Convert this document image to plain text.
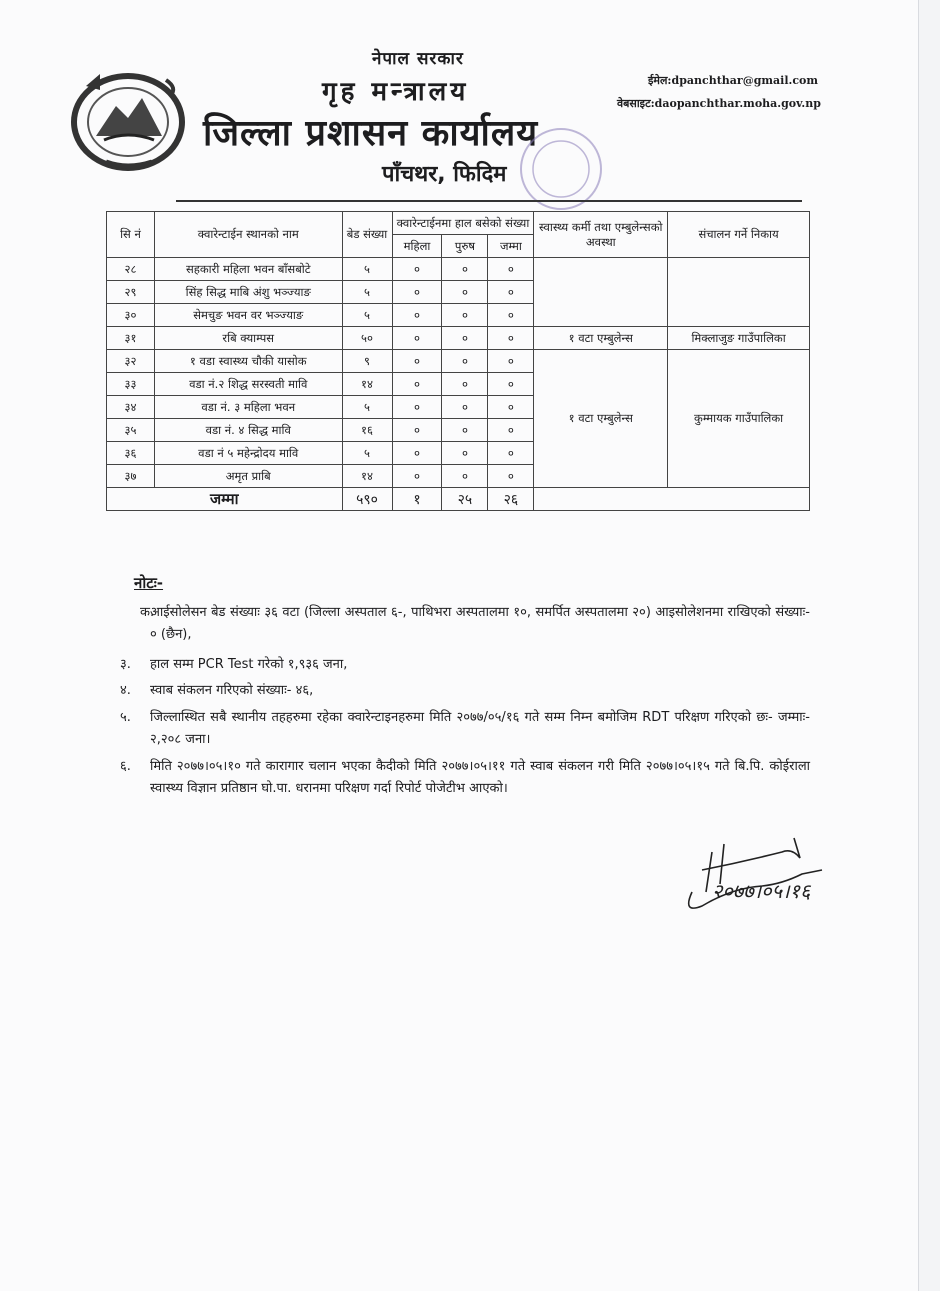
नेपाल सरकार
गृह मन्त्रालय
जिल्ला प्रशासन कार्यालय
पाँचथर, फिदिम
ईमेल:dpanchthar@gmail.com
वेबसाइट:daopanchthar.moha.gov.np
सि नं	क्वारेन्टाईन स्थानको नाम	बेड संख्या	क्वारेन्टाईनमा हाल बसेको संख्या			स्वास्थ्य कर्मी तथा एम्बुलेन्सको अवस्था	संचालन गर्ने निकाय
			महिला	पुरुष	जम्मा		
२८	सहकारी महिला भवन बाँसबोटे	५	०	०	०		
२९	सिंह सिद्ध माबि अंशु भञ्ज्याङ	५	०	०	०		
३०	सेमचुङ भवन वर भञ्ज्याङ	५	०	०	०		
३१	रबि क्याम्पस	५०	०	०	०	१ वटा एम्बुलेन्स	मिक्लाजुङ गाउँपालिका
३२	१ वडा स्वास्थ्य चौकी यासोक	९	०	०	०	१ वटा एम्बुलेन्स	कुम्मायक गाउँपालिका
३३	वडा नं.२ शिद्ध सरस्वती मावि	१४	०	०	०		
३४	वडा नं. ३ महिला भवन	५	०	०	०		
३५	वडा नं. ४ सिद्ध मावि	१६	०	०	०		
३६	वडा नं ५ महेन्द्रोदय मावि	५	०	०	०		
३७	अमृत प्राबि	१४	०	०	०		
जम्मा		५९०	१	२५	२६		
नोटः-
क.
आईसोलेसन बेड संख्याः ३६ वटा (जिल्ला अस्पताल ६-, पाथिभरा अस्पतालमा १०, समर्पित अस्पतालमा २०) आइसोलेशनमा राखिएको संख्याः- ० (छैन),
३. हाल सम्म PCR Test गरेको १,९३६ जना,
४. स्वाब संकलन गरिएको संख्याः- ४६,
५. जिल्लास्थित सबै स्थानीय तहहरुमा रहेका क्वारेन्टाइनहरुमा मिति २०७७/०५/१६ गते सम्म निम्न बमोजिम RDT परिक्षण गरिएको छः- जम्माः- २,२०८ जना।
६. मिति २०७७।०५।१० गते कारागार चलान भएका कैदीको मिति २०७७।०५।११ गते स्वाब संकलन गरी मिति २०७७।०५।१५ गते बि.पि. कोईराला स्वास्थ्य विज्ञान प्रतिष्ठान घो.पा. धरानमा परिक्षण गर्दा रिपोर्ट पोजेटीभ आएको।
२०७७।०५।१६
